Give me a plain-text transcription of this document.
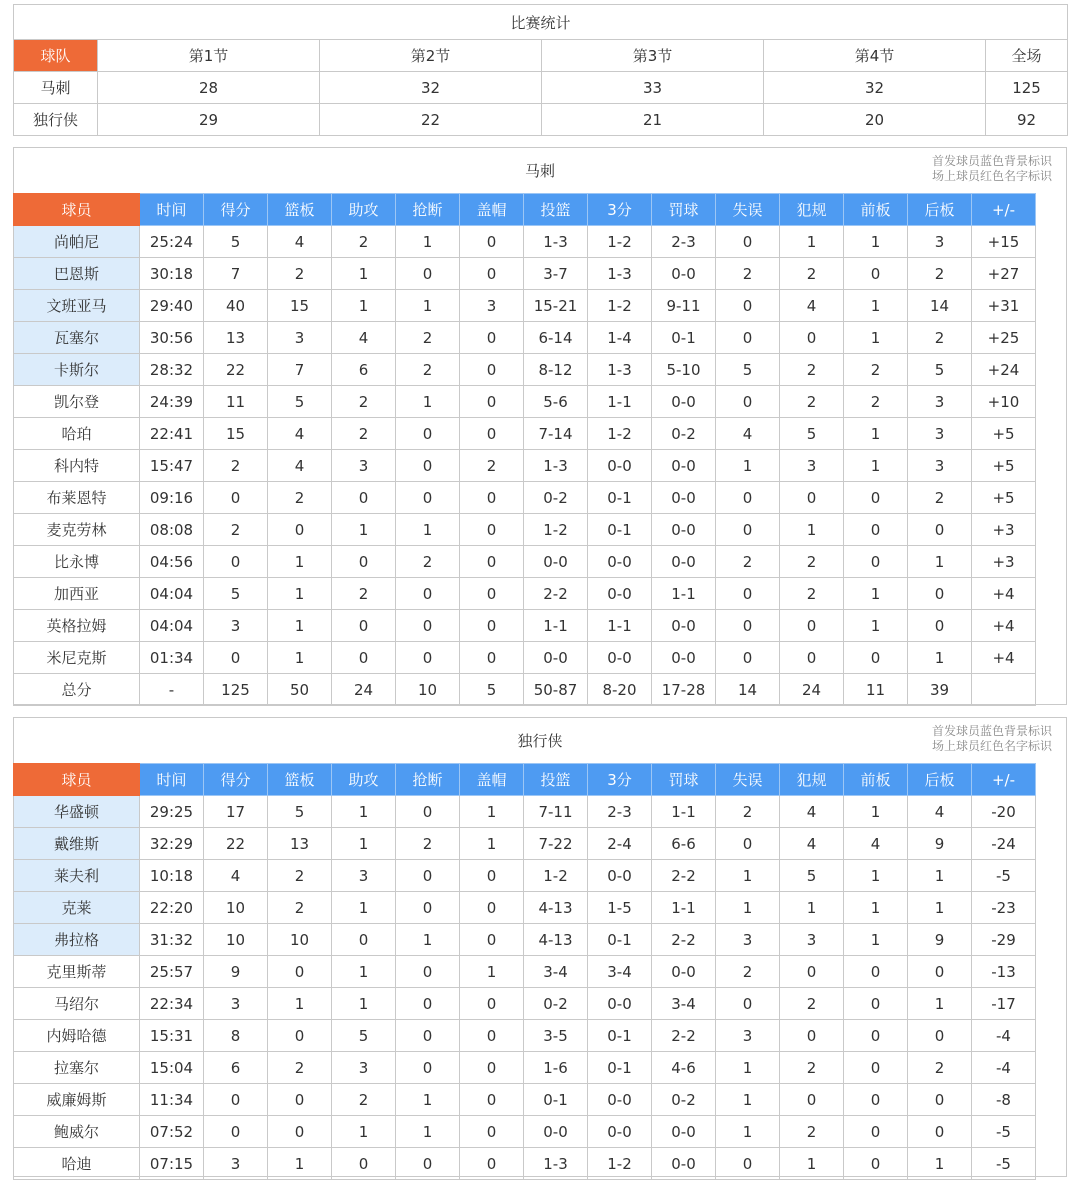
比赛统计					
球队	第1节	第2节	第3节	第4节	全场
马刺	28	32	33	32	125
独行侠	29	22	21	20	92
马刺
首发球员蓝色背景标识
场上球员红色名字标识
球员	时间	得分	篮板	助攻	抢断	盖帽	投篮	3分	罚球	失误	犯规	前板	后板	+/-
尚帕尼	25:24	5	4	2	1	0	1-3	1-2	2-3	0	1	1	3	+15
巴恩斯	30:18	7	2	1	0	0	3-7	1-3	0-0	2	2	0	2	+27
文班亚马	29:40	40	15	1	1	3	15-21	1-2	9-11	0	4	1	14	+31
瓦塞尔	30:56	13	3	4	2	0	6-14	1-4	0-1	0	0	1	2	+25
卡斯尔	28:32	22	7	6	2	0	8-12	1-3	5-10	5	2	2	5	+24
凯尔登	24:39	11	5	2	1	0	5-6	1-1	0-0	0	2	2	3	+10
哈珀	22:41	15	4	2	0	0	7-14	1-2	0-2	4	5	1	3	+5
科内特	15:47	2	4	3	0	2	1-3	0-0	0-0	1	3	1	3	+5
布莱恩特	09:16	0	2	0	0	0	0-2	0-1	0-0	0	0	0	2	+5
麦克劳林	08:08	2	0	1	1	0	1-2	0-1	0-0	0	1	0	0	+3
比永博	04:56	0	1	0	2	0	0-0	0-0	0-0	2	2	0	1	+3
加西亚	04:04	5	1	2	0	0	2-2	0-0	1-1	0	2	1	0	+4
英格拉姆	04:04	3	1	0	0	0	1-1	1-1	0-0	0	0	1	0	+4
米尼克斯	01:34	0	1	0	0	0	0-0	0-0	0-0	0	0	0	1	+4
总分	-	125	50	24	10	5	50-87	8-20	17-28	14	24	11	39	
独行侠
首发球员蓝色背景标识
场上球员红色名字标识
球员	时间	得分	篮板	助攻	抢断	盖帽	投篮	3分	罚球	失误	犯规	前板	后板	+/-
华盛顿	29:25	17	5	1	0	1	7-11	2-3	1-1	2	4	1	4	-20
戴维斯	32:29	22	13	1	2	1	7-22	2-4	6-6	0	4	4	9	-24
莱夫利	10:18	4	2	3	0	0	1-2	0-0	2-2	1	5	1	1	-5
克莱	22:20	10	2	1	0	0	4-13	1-5	1-1	1	1	1	1	-23
弗拉格	31:32	10	10	0	1	0	4-13	0-1	2-2	3	3	1	9	-29
克里斯蒂	25:57	9	0	1	0	1	3-4	3-4	0-0	2	0	0	0	-13
马绍尔	22:34	3	1	1	0	0	0-2	0-0	3-4	0	2	0	1	-17
内姆哈德	15:31	8	0	5	0	0	3-5	0-1	2-2	3	0	0	0	-4
拉塞尔	15:04	6	2	3	0	0	1-6	0-1	4-6	1	2	0	2	-4
威廉姆斯	11:34	0	0	2	1	0	0-1	0-0	0-2	1	0	0	0	-8
鲍威尔	07:52	0	0	1	1	0	0-0	0-0	0-0	1	2	0	0	-5
哈迪	07:15	3	1	0	0	0	1-3	1-2	0-0	0	1	0	1	-5
